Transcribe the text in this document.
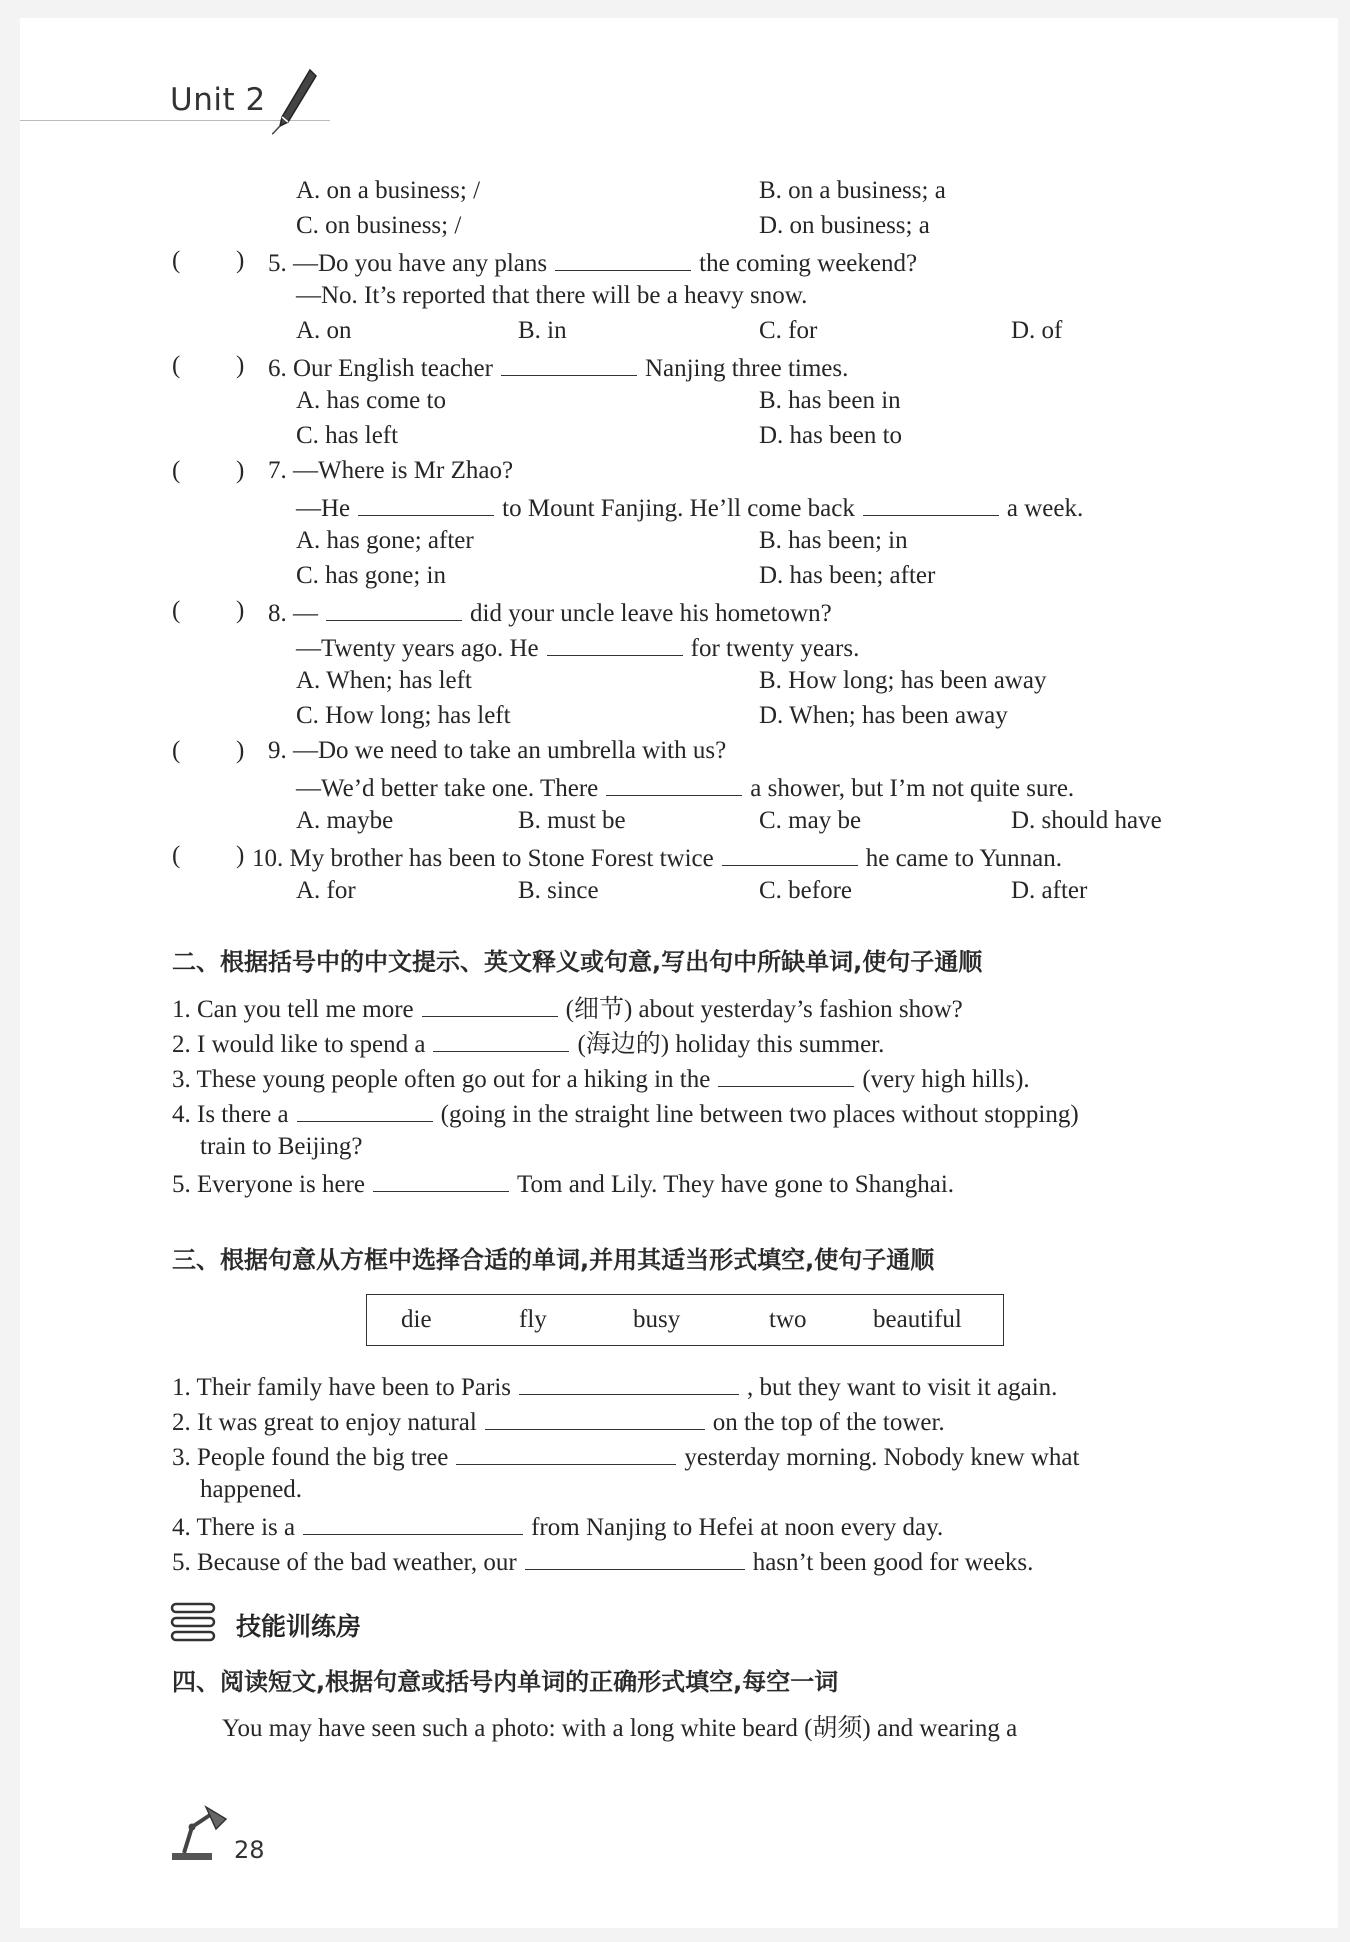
Unit 2
A. on a business; /	B. on a business; a
C. on business; /	D. on business; a
( ) 5. —Do you have any plans	the coming weekend?
—No. It’s reported that there will be a heavy snow.
A. on	B. in	C. for	D. of
( ) 6. Our English teacher	Nanjing three times.
A. has come to	B. has been in
C. has left	D. has been to
( ) 7. —Where is Mr Zhao?
—He	to Mount Fanjing. He’ll come back	a week.
A. has gone; after	B. has been; in
C. has gone; in	D. has been; after
( ) 8. —	did your uncle leave his hometown?
—Twenty years ago. He	for twenty years.
A. When; has left	B. How long; has been away
C. How long; has left	D. When; has been away
( ) 9. —Do we need to take an umbrella with us?
—We’d better take one. There	a shower, but I’m not quite sure.
A. maybe	B. must be	C. may be	D. should have
( ) 10. My brother has been to Stone Forest twice	he came to Yunnan.
A. for	B. since	C. before	D. after
二、根据括号中的中文提示、英文释义或句意,写出句中所缺单词,使句子通顺
1. Can you tell me more	(细节) about yesterday’s fashion show?
2. I would like to spend a	(海边的) holiday this summer.
3. These young people often go out for a hiking in the	(very high hills).
4. Is there a	(going in the straight line between two places without stopping)
train to Beijing?
5. Everyone is here	Tom and Lily. They have gone to Shanghai.
三、根据句意从方框中选择合适的单词,并用其适当形式填空,使句子通顺
die	fly	busy	two	beautiful
1. Their family have been to Paris	, but they want to visit it again.
2. It was great to enjoy natural	on the top of the tower.
3. People found the big tree	yesterday morning. Nobody knew what
happened.
4. There is a	from Nanjing to Hefei at noon every day.
5. Because of the bad weather, our	hasn’t been good for weeks.
技能训练房
四、阅读短文,根据句意或括号内单词的正确形式填空,每空一词
You may have seen such a photo: with a long white beard (胡须) and wearing a
28
